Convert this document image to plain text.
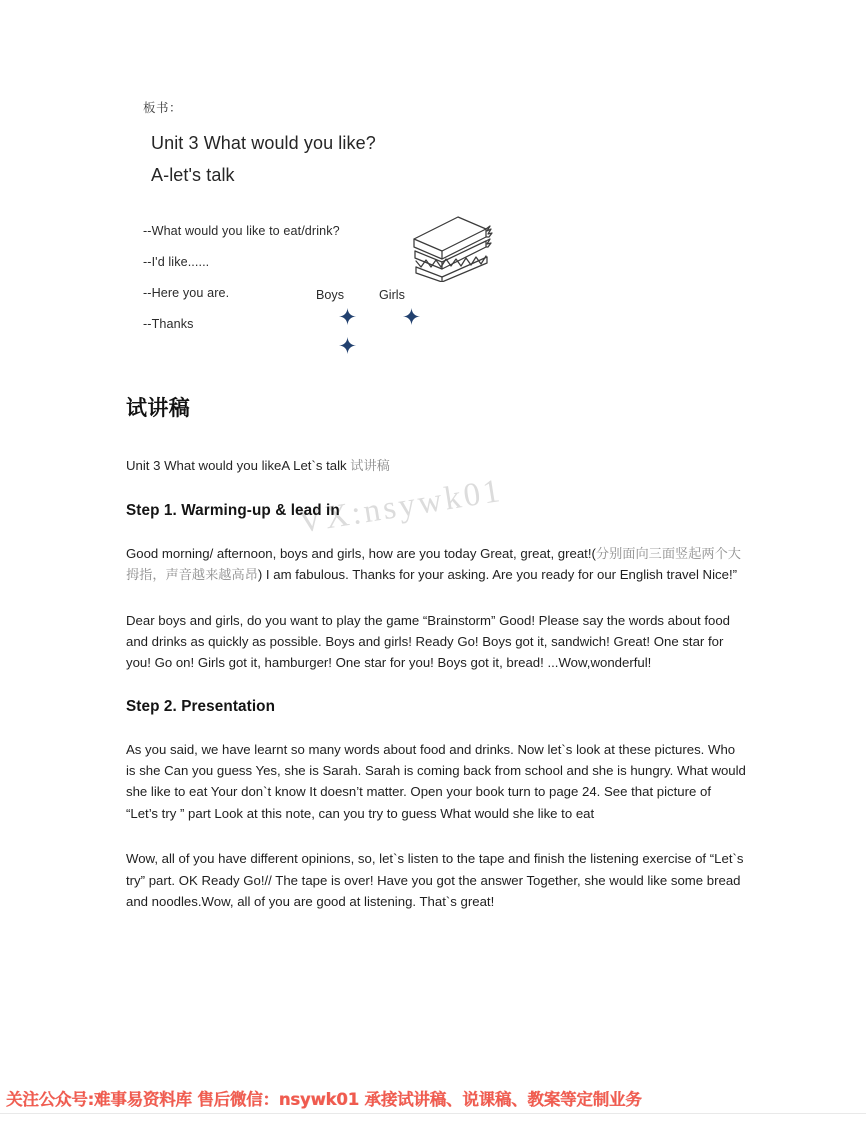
板书：
Unit 3 What would you like?
A-let's talk
--What would you like to eat/drink?
--I'd like......
--Here you are.
--Thanks
Boys	Girls
VX:nsywk01
试讲稿

Unit 3 What would you likeA Let`s talk 试讲稿

Step 1. Warming-up & lead in

Good morning/ afternoon, boys and girls, how are you today Great, great, great!(分别面向三面竖起两个大拇指，声音越来越高昂) I am fabulous. Thanks for your asking. Are you ready for our English travel Nice!”

Dear boys and girls, do you want to play the game “Brainstorm” Good! Please say the words about food and drinks as quickly as possible. Boys and girls! Ready Go! Boys got it, sandwich! Great! One star for you! Go on! Girls got it, hamburger! One star for you! Boys got it, bread! ...Wow,wonderful!

Step 2. Presentation

As you said, we have learnt so many words about food and drinks. Now let`s look at these pictures. Who is she Can you guess Yes, she is Sarah. Sarah is coming back from school and she is hungry. What would she like to eat Your don`t know It doesn’t matter. Open your book turn to page 24. See that picture of “Let’s try ” part Look at this note, can you try to guess What would she like to eat

Wow, all of you have different opinions, so, let`s listen to the tape and finish the listening exercise of “Let`s try” part. OK Ready Go!// The tape is over! Have you got the answer Together, she would like some bread and noodles.Wow, all of you are good at listening. That`s great!

关注公众号:难事易资料库 售后微信：nsywk01 承接试讲稿、说课稿、教案等定制业务
